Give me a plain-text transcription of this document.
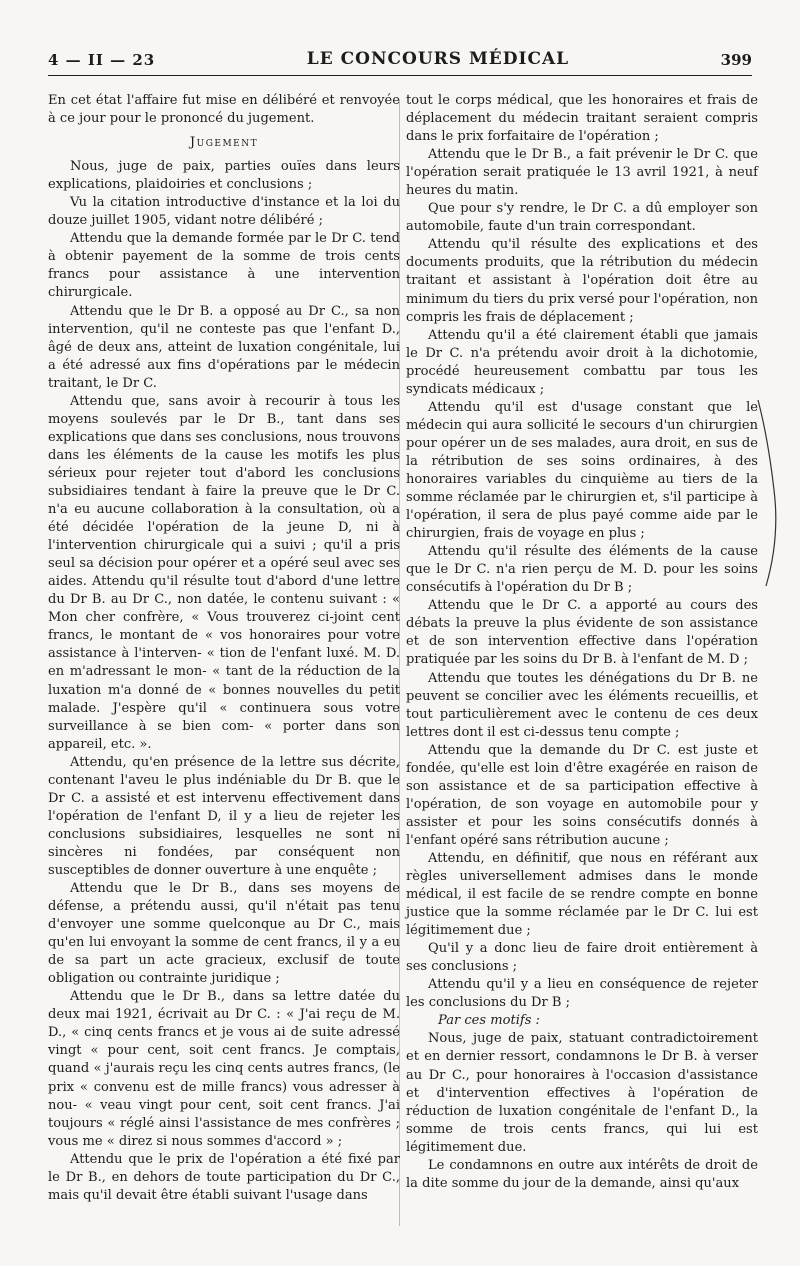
4 — II — 23	LE CONCOURS MÉDICAL	399

En cet état l'affaire fut mise en délibéré et renvoyée à ce jour pour le prononcé du jugement.

Jugement

Nous, juge de paix, parties ouïes dans leurs explications, plaidoiries et conclusions ;

Vu la citation introductive d'instance et la loi du douze juillet 1905, vidant notre délibéré ;

Attendu que la demande formée par le Dr C. tend à obtenir payement de la somme de trois cents francs pour assistance à une intervention chirurgicale.

Attendu que le Dr B. a opposé au Dr C., sa non intervention, qu'il ne conteste pas que l'enfant D., âgé de deux ans, atteint de luxation congénitale, lui a été adressé aux fins d'opérations par le médecin traitant, le Dr C.

Attendu que, sans avoir à recourir à tous les moyens soulevés par le Dr B., tant dans ses explications que dans ses conclusions, nous trouvons dans les éléments de la cause les motifs les plus sérieux pour rejeter tout d'abord les conclusions subsidiaires tendant à faire la preuve que le Dr C. n'a eu aucune collaboration à la consultation, où a été décidée l'opération de la jeune D, ni à l'intervention chirurgicale qui a suivi ; qu'il a pris seul sa décision pour opérer et a opéré seul avec ses aides. Attendu qu'il résulte tout d'abord d'une lettre du Dr B. au Dr C., non datée, le contenu suivant : « Mon cher confrère, « Vous trouverez ci-joint cent francs, le montant de « vos honoraires pour votre assistance à l'interven- « tion de l'enfant luxé. M. D. en m'adressant le mon- « tant de la réduction de la luxation m'a donné de « bonnes nouvelles du petit malade. J'espère qu'il « continuera sous votre surveillance à se bien com- « porter dans son appareil, etc. ».

Attendu, qu'en présence de la lettre sus décrite, contenant l'aveu le plus indéniable du Dr B. que le Dr C. a assisté et est intervenu effectivement dans l'opération de l'enfant D, il y a lieu de rejeter les conclusions subsidiaires, lesquelles ne sont ni sincères ni fondées, par conséquent non susceptibles de donner ouverture à une enquête ;

Attendu que le Dr B., dans ses moyens de défense, a prétendu aussi, qu'il n'était pas tenu d'envoyer une somme quelconque au Dr C., mais qu'en lui envoyant la somme de cent francs, il y a eu de sa part un acte gracieux, exclusif de toute obligation ou contrainte juridique ;

Attendu que le Dr B., dans sa lettre datée du deux mai 1921, écrivait au Dr C. : « J'ai reçu de M. D., « cinq cents francs et je vous ai de suite adressé vingt « pour cent, soit cent francs. Je comptais, quand « j'aurais reçu les cinq cents autres francs, (le prix « convenu est de mille francs) vous adresser à nou- « veau vingt pour cent, soit cent francs. J'ai toujours « réglé ainsi l'assistance de mes confrères ; vous me « direz si nous sommes d'accord » ;

Attendu que le prix de l'opération a été fixé par le Dr B., en dehors de toute participation du Dr C., mais qu'il devait être établi suivant l'usage dans

tout le corps médical, que les honoraires et frais de déplacement du médecin traitant seraient compris dans le prix forfaitaire de l'opération ;

Attendu que le Dr B., a fait prévenir le Dr C. que l'opération serait pratiquée le 13 avril 1921, à neuf heures du matin.

Que pour s'y rendre, le Dr C. a dû employer son automobile, faute d'un train correspondant.

Attendu qu'il résulte des explications et des documents produits, que la rétribution du médecin traitant et assistant à l'opération doit être au minimum du tiers du prix versé pour l'opération, non compris les frais de déplacement ;

Attendu qu'il a été clairement établi que jamais le Dr C. n'a prétendu avoir droit à la dichotomie, procédé heureusement combattu par tous les syndicats médicaux ;

Attendu qu'il est d'usage constant que le médecin qui aura sollicité le secours d'un chirurgien pour opérer un de ses malades, aura droit, en sus de la rétribution de ses soins ordinaires, à des honoraires variables du cinquième au tiers de la somme réclamée par le chirurgien et, s'il participe à l'opération, il sera de plus payé comme aide par le chirurgien, frais de voyage en plus ;

Attendu qu'il résulte des éléments de la cause que le Dr C. n'a rien perçu de M. D. pour les soins consécutifs à l'opération du Dr B ;

Attendu que le Dr C. a apporté au cours des débats la preuve la plus évidente de son assistance et de son intervention effective dans l'opération pratiquée par les soins du Dr B. à l'enfant de M. D ;

Attendu que toutes les dénégations du Dr B. ne peuvent se concilier avec les éléments recueillis, et tout particulièrement avec le contenu de ces deux lettres dont il est ci-dessus tenu compte ;

Attendu que la demande du Dr C. est juste et fondée, qu'elle est loin d'être exagérée en raison de son assistance et de sa participation effective à l'opération, de son voyage en automobile pour y assister et pour les soins consécutifs donnés à l'enfant opéré sans rétribution aucune ;

Attendu, en définitif, que nous en référant aux règles universellement admises dans le monde médical, il est facile de se rendre compte en bonne justice que la somme réclamée par le Dr C. lui est légitimement due ;

Qu'il y a donc lieu de faire droit entièrement à ses conclusions ;

Attendu qu'il y a lieu en conséquence de rejeter les conclusions du Dr B ;

Par ces motifs :

Nous, juge de paix, statuant contradictoirement et en dernier ressort, condamnons le Dr B. à verser au Dr C., pour honoraires à l'occasion d'assistance et d'intervention effectives à l'opération de réduction de luxation congénitale de l'enfant D., la somme de trois cents francs, qui lui est légitimement due.

Le condamnons en outre aux intérêts de droit de la dite somme du jour de la demande, ainsi qu'aux
